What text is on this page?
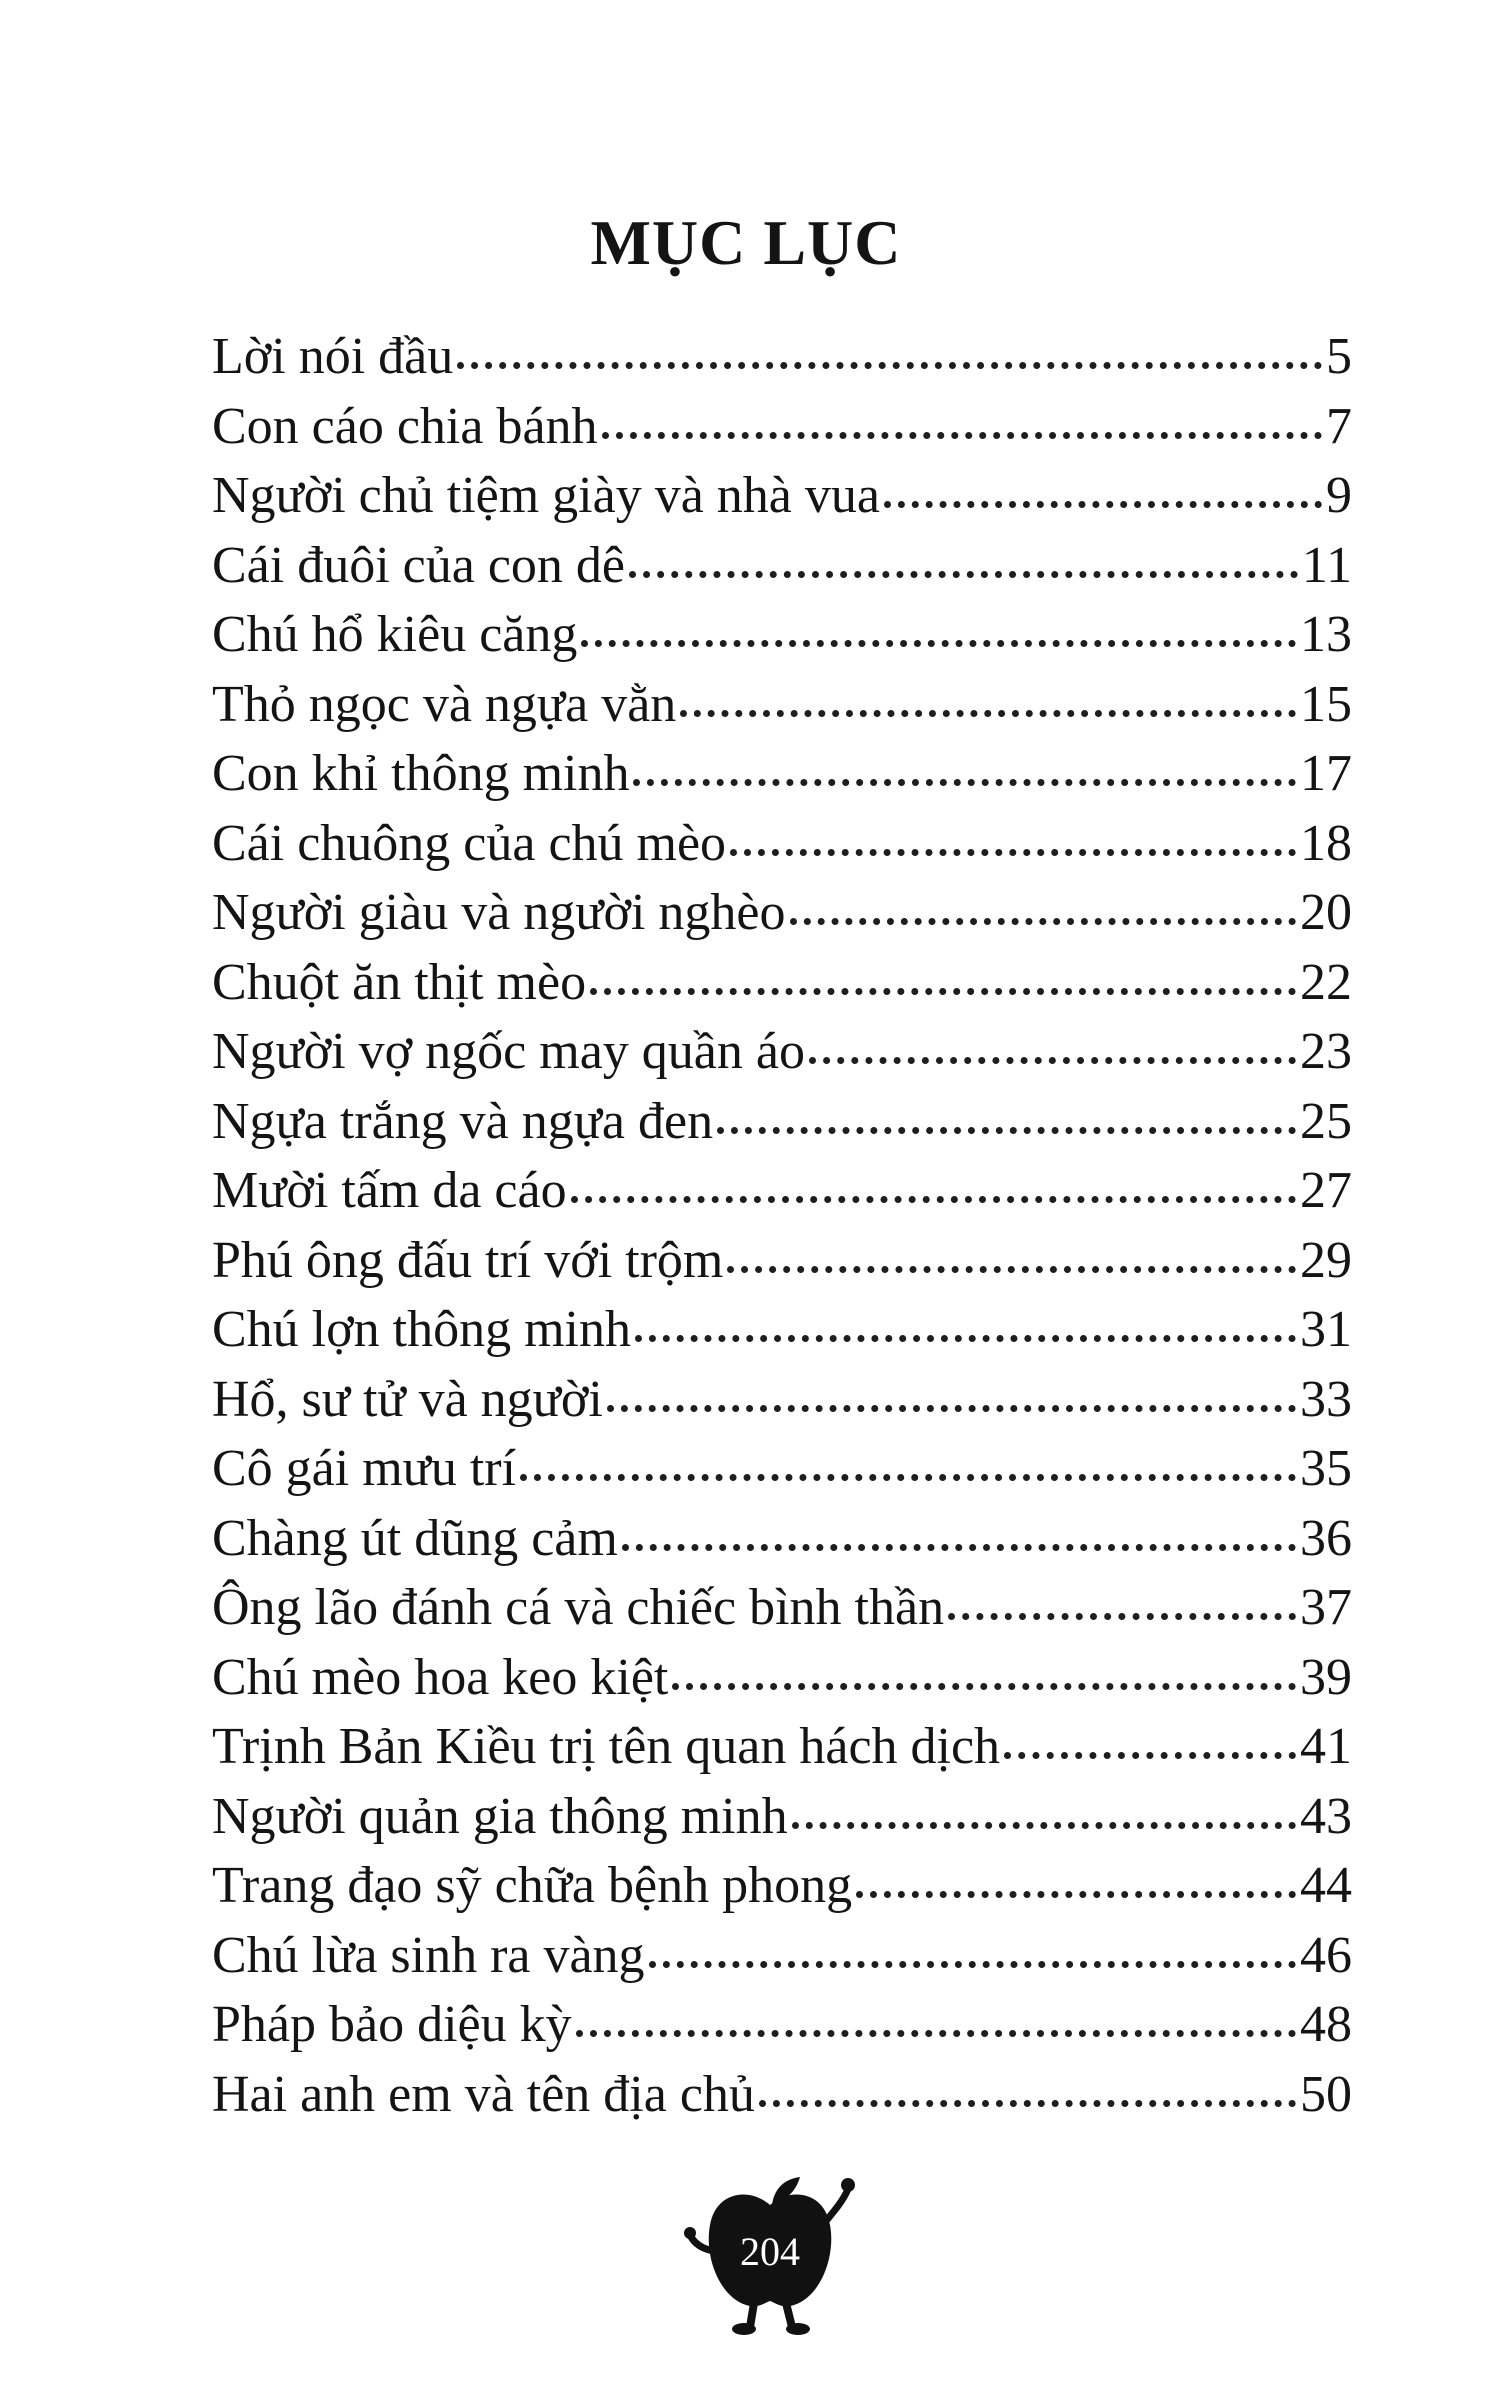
MỤC LỤC
Lời nói đầu	5
Con cáo chia bánh	7
Người chủ tiệm giày và nhà vua	9
Cái đuôi của con dê	11
Chú hổ kiêu căng	13
Thỏ ngọc và ngựa vằn	15
Con khỉ thông minh	17
Cái chuông của chú mèo	18
Người giàu và người nghèo	20
Chuột ăn thịt mèo	22
Người vợ ngốc may quần áo	23
Ngựa trắng và ngựa đen	25
Mười tấm da cáo	27
Phú ông đấu trí với trộm	29
Chú lợn thông minh	31
Hổ, sư tử và người	33
Cô gái mưu trí	35
Chàng út dũng cảm	36
Ông lão đánh cá và chiếc bình thần	37
Chú mèo hoa keo kiệt	39
Trịnh Bản Kiều trị tên quan hách dịch	41
Người quản gia thông minh	43
Trang đạo sỹ chữa bệnh phong	44
Chú lừa sinh ra vàng	46
Pháp bảo diệu kỳ	48
Hai anh em và tên địa chủ	50
204
